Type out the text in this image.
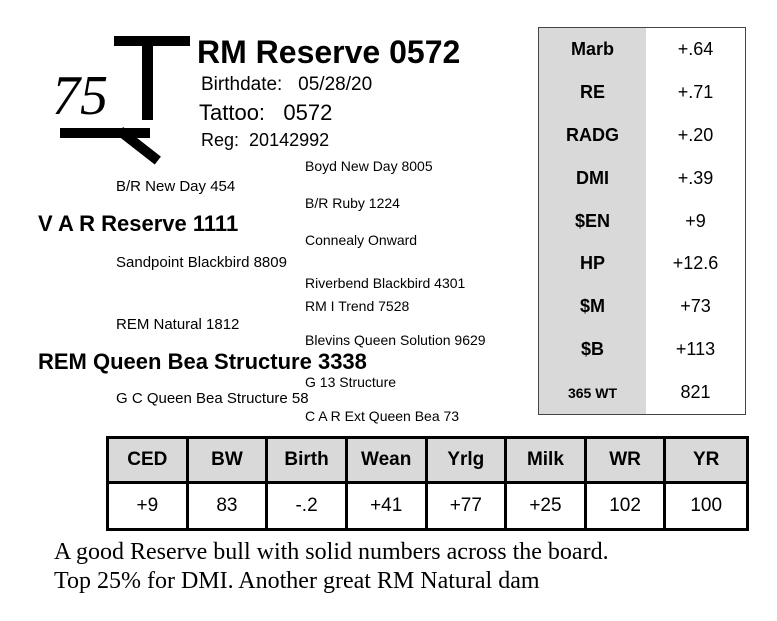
75
RM Reserve 0572
Birthdate: 05/28/20
Tattoo: 0572
Reg: 20142992
Boyd New Day 8005
B/R New Day 454
B/R Ruby 1224
V A R Reserve 1111
Connealy Onward
Sandpoint Blackbird 8809
Riverbend Blackbird 4301
RM I Trend 7528
REM Natural 1812
Blevins Queen Solution 9629
REM Queen Bea Structure 3338
G 13 Structure
G C Queen Bea Structure 58
C A R Ext Queen Bea 73
Marb	+.64
RE	+.71
RADG	+.20
DMI	+.39
$EN	+9
HP	+12.6
$M	+73
$B	+113
365 WT	821
CED	BW	Birth	Wean	Yrlg	Milk	WR	YR
+9	83	-.2	+41	+77	+25	102	100
A good Reserve bull with solid numbers across the board.
Top 25% for DMI. Another great RM Natural dam
